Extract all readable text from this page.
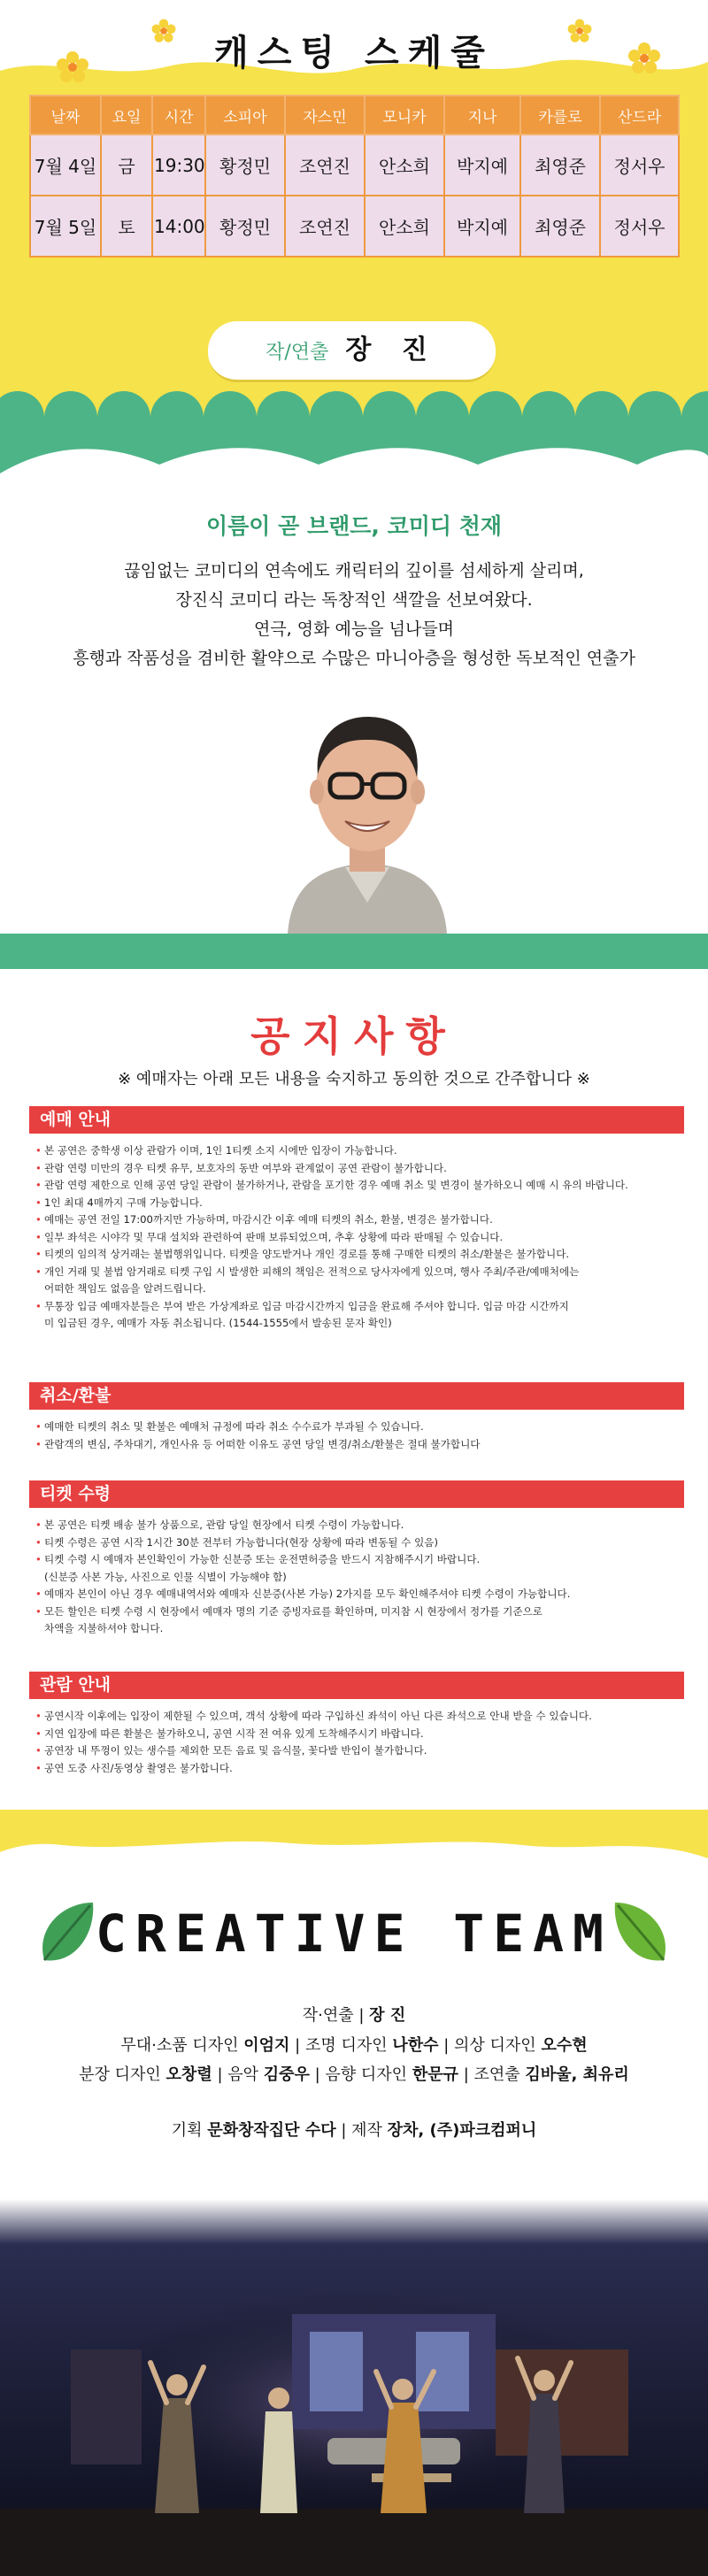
캐스팅 스케줄
날짜	요일	시간	소피아	자스민	모니카	지나	카를로	산드라
7월 4일	금	19:30	황정민	조연진	안소희	박지예	최영준	정서우
7월 5일	토	14:00	황정민	조연진	안소희	박지예	최영준	정서우
작/연출 장 진
이름이 곧 브랜드, 코미디 천재
끊임없는 코미디의 연속에도 캐릭터의 깊이를 섬세하게 살리며,
장진식 코미디 라는 독창적인 색깔을 선보여왔다.
연극, 영화 예능을 넘나들며
흥행과 작품성을 겸비한 활약으로 수많은 마니아층을 형성한 독보적인 연출가
공지사항
※ 예매자는 아래 모든 내용을 숙지하고 동의한 것으로 간주합니다 ※
예매 안내
• 본 공연은 중학생 이상 관람가 이며, 1인 1티켓 소지 시에만 입장이 가능합니다.
• 관람 연령 미만의 경우 티켓 유무, 보호자의 동반 여부와 관계없이 공연 관람이 불가합니다.
• 관람 연령 제한으로 인해 공연 당일 관람이 불가하거나, 관람을 포기한 경우 예매 취소 및 변경이 불가하오니 예매 시 유의 바랍니다.
• 1인 최대 4매까지 구매 가능합니다.
• 예매는 공연 전일 17:00까지만 가능하며, 마감시간 이후 예매 티켓의 취소, 환불, 변경은 불가합니다.
• 일부 좌석은 시야각 및 무대 설치와 관련하여 판매 보류되었으며, 추후 상황에 따라 판매될 수 있습니다.
• 티켓의 임의적 상거래는 불법행위입니다. 티켓을 양도받거나 개인 경로를 통해 구매한 티켓의 취소/환불은 불가합니다.
• 개인 거래 및 불법 암거래로 티켓 구입 시 발생한 피해의 책임은 전적으로 당사자에게 있으며, 행사 주최/주관/예매처에는
어떠한 책임도 없음을 알려드립니다.
• 무통장 입금 예매자분들은 부여 받은 가상계좌로 입금 마감시간까지 입금을 완료해 주셔야 합니다. 입금 마감 시간까지
미 입금된 경우, 예매가 자동 취소됩니다. (1544-1555에서 발송된 문자 확인)
취소/환불
• 예매한 티켓의 취소 및 환불은 예매처 규정에 따라 취소 수수료가 부과될 수 있습니다.
• 관람객의 변심, 주차대기, 개인사유 등 어떠한 이유도 공연 당일 변경/취소/환불은 절대 불가합니다
티켓 수령
• 본 공연은 티켓 배송 불가 상품으로, 관람 당일 현장에서 티켓 수령이 가능합니다.
• 티켓 수령은 공연 시작 1시간 30분 전부터 가능합니다(현장 상황에 따라 변동될 수 있음)
• 티켓 수령 시 예매자 본인확인이 가능한 신분증 또는 운전면허증을 반드시 지참해주시기 바랍니다.
(신분증 사본 가능, 사진으로 인물 식별이 가능해야 함)
• 예매자 본인이 아닌 경우 예매내역서와 예매자 신분증(사본 가능) 2가지를 모두 확인해주셔야 티켓 수령이 가능합니다.
• 모든 할인은 티켓 수령 시 현장에서 예매자 명의 기준 증빙자료를 확인하며, 미지참 시 현장에서 정가를 기준으로
차액을 지불하셔야 합니다.
관람 안내
• 공연시작 이후에는 입장이 제한될 수 있으며, 객석 상황에 따라 구입하신 좌석이 아닌 다른 좌석으로 안내 받을 수 있습니다.
• 지연 입장에 따른 환불은 불가하오니, 공연 시작 전 여유 있게 도착해주시기 바랍니다.
• 공연장 내 뚜껑이 있는 생수를 제외한 모든 음료 및 음식물, 꽃다발 반입이 불가합니다.
• 공연 도중 사진/동영상 촬영은 불가합니다.
CREATIVE TEAM
작·연출 | 장 진
무대·소품 디자인 이엄지 | 조명 디자인 나한수 | 의상 디자인 오수현
분장 디자인 오창렬 | 음악 김중우 | 음향 디자인 한문규 | 조연출 김바울, 최유리
기획 문화창작집단 수다 | 제작 장차, (주)파크컴퍼니
